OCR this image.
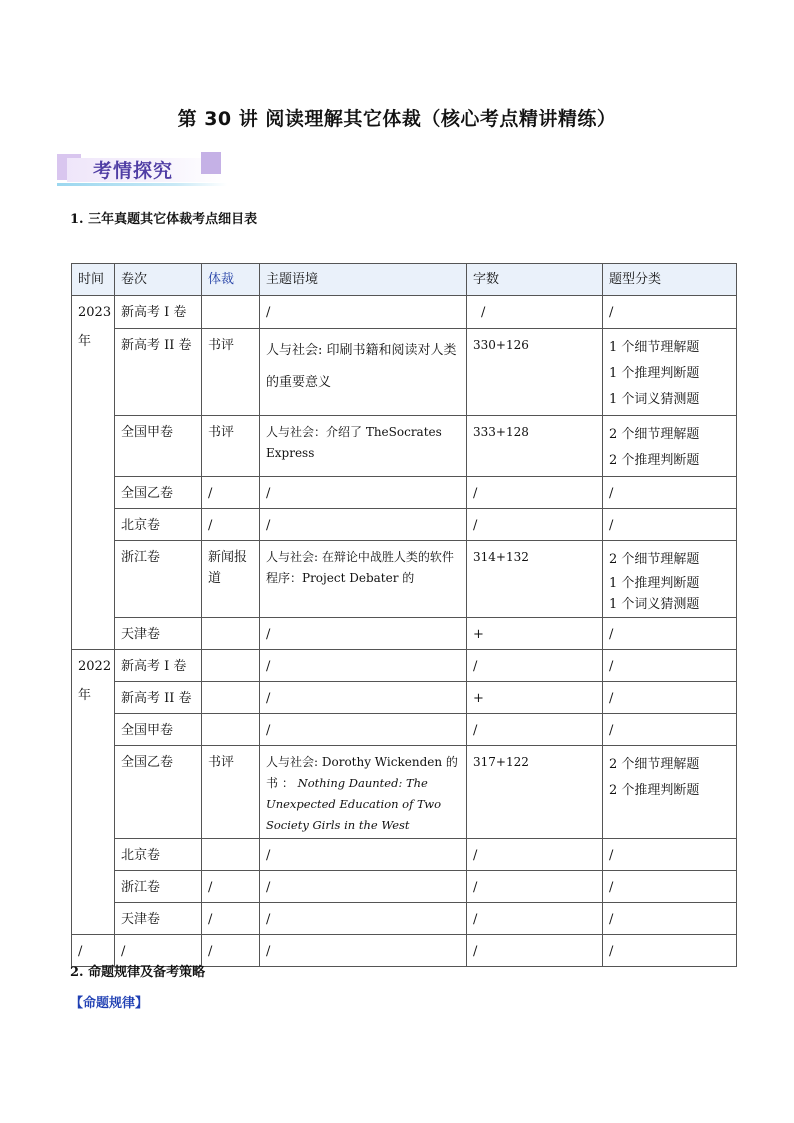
第 30 讲 阅读理解其它体裁（核心考点精讲精练）
考情探究
1. 三年真题其它体裁考点细目表
时间	卷次	体裁	主题语境	字数	题型分类

2023
年	新高考 I 卷		/	/	/
	新高考 II 卷	书评	人与社会: 印刷书籍和阅读对人类的重要意义	330+126	1 个细节理解题
1 个推理判断题
1 个词义猜测题

	全国甲卷	书评	人与社会：介绍了 TheSocrates Express	333+128	2 个细节理解题
2 个推理判断题

	全国乙卷	/	/	/	/
	北京卷	/	/	/	/
	浙江卷	新闻报道	人与社会: 在辩论中战胜人类的软件程序：Project Debater 的	314+132	2 个细节理解题
1 个推理判断题
1 个词义猜测题

	天津卷		/	+	/

2022
年	新高考 I 卷		/	/	/
	新高考 II 卷		/	+	/
	全国甲卷		/	/	/
	全国乙卷	书评	人与社会: Dorothy Wickenden 的书 ： Nothing Daunted: The Unexpected Education of Two Society Girls in the West	317+122	2 个细节理解题
2 个推理判断题

	北京卷		/	/	/
	浙江卷	/	/	/	/
	天津卷	/	/	/	/
/	/	/	/	/	/
2. 命题规律及备考策略
【命题规律】
